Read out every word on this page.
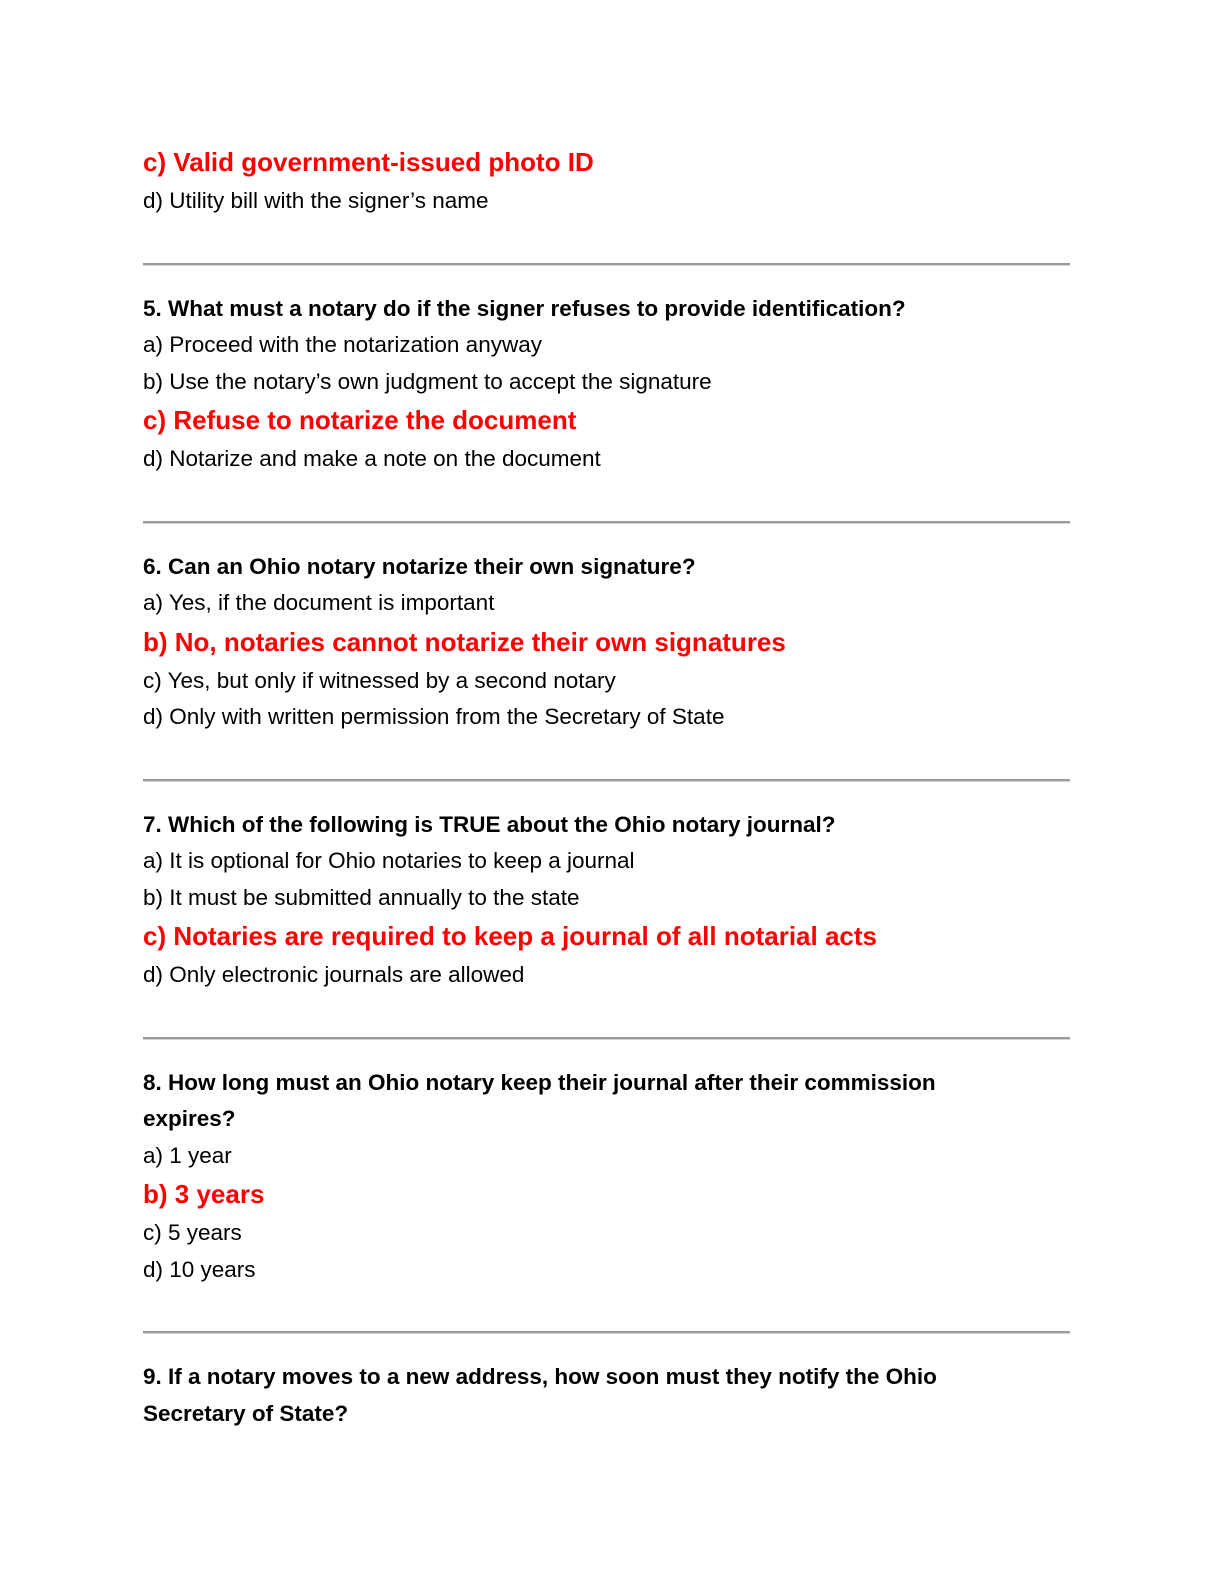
c) Valid government-issued photo ID
d) Utility bill with the signer’s name
5. What must a notary do if the signer refuses to provide identification?
a) Proceed with the notarization anyway
b) Use the notary’s own judgment to accept the signature
c) Refuse to notarize the document
d) Notarize and make a note on the document
6. Can an Ohio notary notarize their own signature?
a) Yes, if the document is important
b) No, notaries cannot notarize their own signatures
c) Yes, but only if witnessed by a second notary
d) Only with written permission from the Secretary of State
7. Which of the following is TRUE about the Ohio notary journal?
a) It is optional for Ohio notaries to keep a journal
b) It must be submitted annually to the state
c) Notaries are required to keep a journal of all notarial acts
d) Only electronic journals are allowed
8. How long must an Ohio notary keep their journal after their commission
expires?
a) 1 year
b) 3 years
c) 5 years
d) 10 years
9. If a notary moves to a new address, how soon must they notify the Ohio
Secretary of State?
